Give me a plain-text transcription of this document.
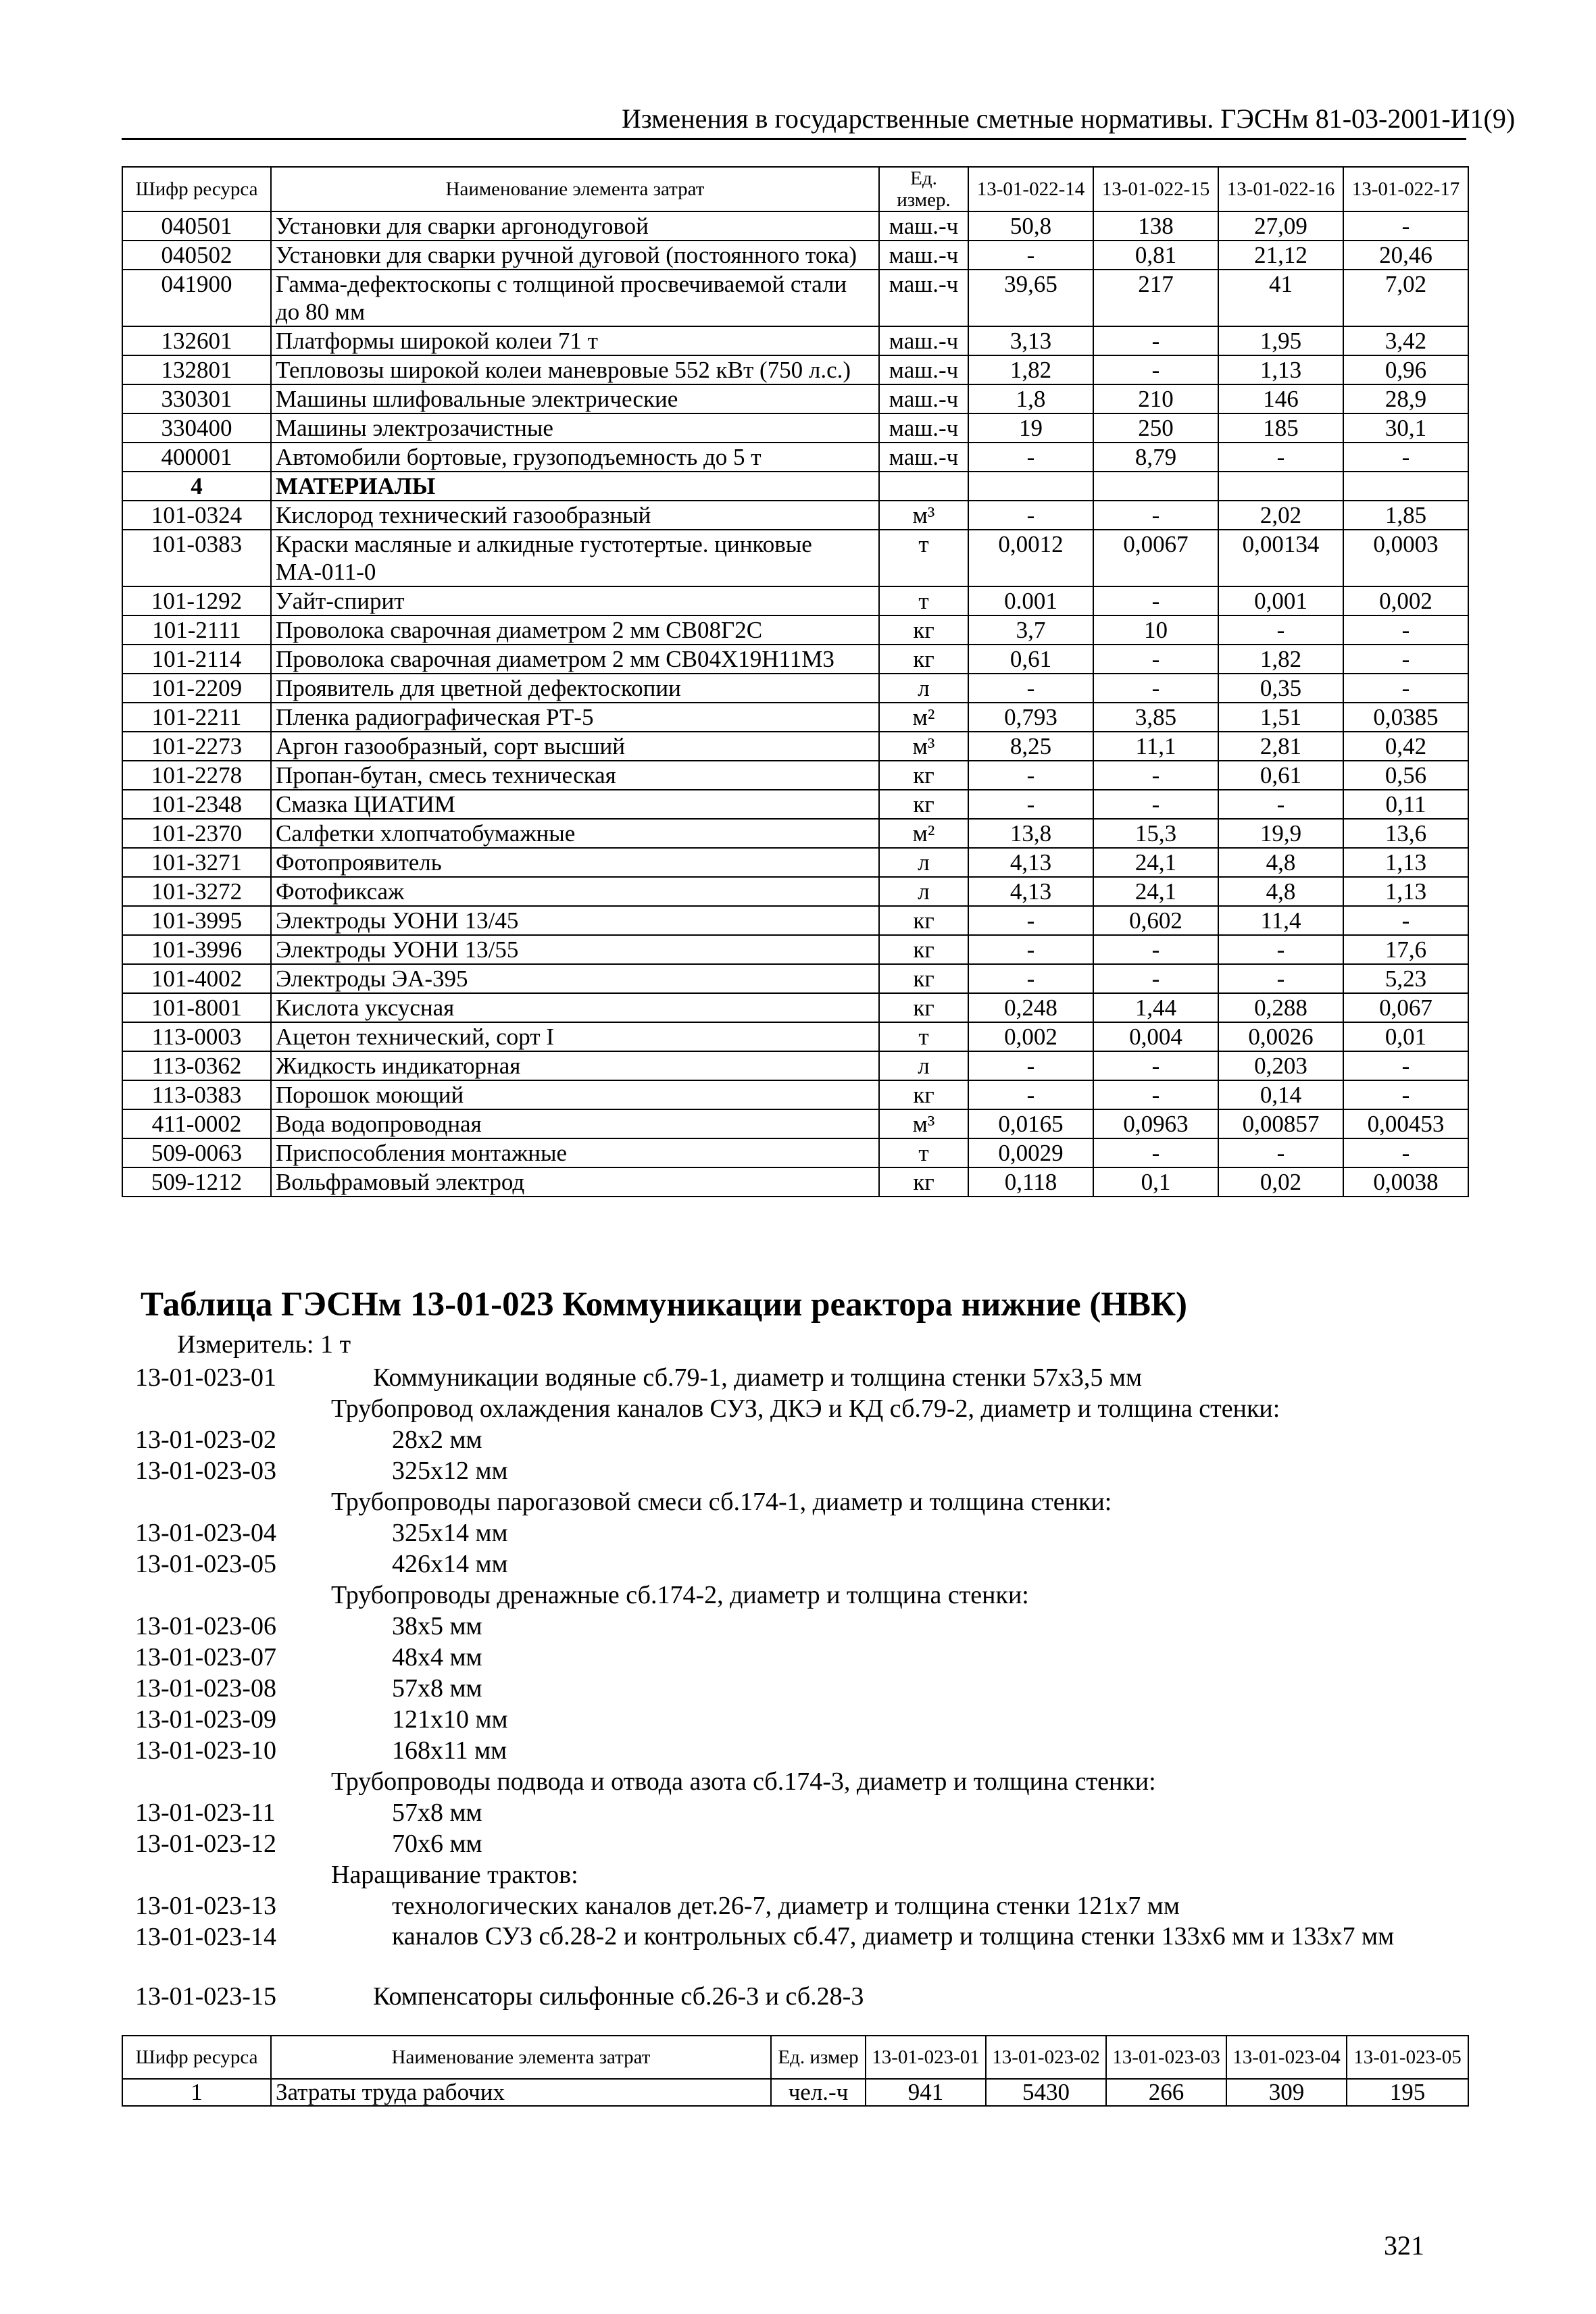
Изменения в государственные сметные нормативы. ГЭСНм 81-03-2001-И1(9)
Шифр ресурса	Наименование элемента затрат	Ед. измер.	13-01-022-14	13-01-022-15	13-01-022-16	13-01-022-17
040501	Установки для сварки аргонодуговой	маш.-ч	50,8	138	27,09	-
040502	Установки для сварки ручной дуговой (постоянного тока)	маш.-ч	-	0,81	21,12	20,46
041900	Гамма-дефектоскопы с толщиной просвечиваемой стали до 80 мм	маш.-ч	39,65	217	41	7,02
132601	Платформы широкой колеи 71 т	маш.-ч	3,13	-	1,95	3,42
132801	Тепловозы широкой колеи маневровые 552 кВт (750 л.с.)	маш.-ч	1,82	-	1,13	0,96
330301	Машины шлифовальные электрические	маш.-ч	1,8	210	146	28,9
330400	Машины электрозачистные	маш.-ч	19	250	185	30,1
400001	Автомобили бортовые, грузоподъемность до 5 т	маш.-ч	-	8,79	-	-
4	МАТЕРИАЛЫ					
101-0324	Кислород технический газообразный	м³	-	-	2,02	1,85
101-0383	Краски масляные и алкидные густотертые. цинковые МА-011-0	т	0,0012	0,0067	0,00134	0,0003
101-1292	Уайт-спирит	т	0.001	-	0,001	0,002
101-2111	Проволока сварочная диаметром 2 мм СВ08Г2С	кг	3,7	10	-	-
101-2114	Проволока сварочная диаметром 2 мм СВ04Х19Н11М3	кг	0,61	-	1,82	-
101-2209	Проявитель для цветной дефектоскопии	л	-	-	0,35	-
101-2211	Пленка радиографическая РТ-5	м²	0,793	3,85	1,51	0,0385
101-2273	Аргон газообразный, сорт высший	м³	8,25	11,1	2,81	0,42
101-2278	Пропан-бутан, смесь техническая	кг	-	-	0,61	0,56
101-2348	Смазка ЦИАТИМ	кг	-	-	-	0,11
101-2370	Салфетки хлопчатобумажные	м²	13,8	15,3	19,9	13,6
101-3271	Фотопроявитель	л	4,13	24,1	4,8	1,13
101-3272	Фотофиксаж	л	4,13	24,1	4,8	1,13
101-3995	Электроды УОНИ 13/45	кг	-	0,602	11,4	-
101-3996	Электроды УОНИ 13/55	кг	-	-	-	17,6
101-4002	Электроды ЭА-395	кг	-	-	-	5,23
101-8001	Кислота уксусная	кг	0,248	1,44	0,288	0,067
113-0003	Ацетон технический, сорт I	т	0,002	0,004	0,0026	0,01
113-0362	Жидкость индикаторная	л	-	-	0,203	-
113-0383	Порошок моющий	кг	-	-	0,14	-
411-0002	Вода водопроводная	м³	0,0165	0,0963	0,00857	0,00453
509-0063	Приспособления монтажные	т	0,0029	-	-	-
509-1212	Вольфрамовый электрод	кг	0,118	0,1	0,02	0,0038
Таблица ГЭСНм 13-01-023 Коммуникации реактора нижние (НВК)
Измеритель: 1 т
13-01-023-01	Коммуникации водяные сб.79-1, диаметр и толщина стенки 57х3,5 мм
Трубопровод охлаждения каналов СУЗ, ДКЭ и КД сб.79-2, диаметр и толщина стенки:
13-01-023-02	28х2 мм
13-01-023-03	325х12 мм
Трубопроводы парогазовой смеси сб.174-1, диаметр и толщина стенки:
13-01-023-04	325х14 мм
13-01-023-05	426х14 мм
Трубопроводы дренажные сб.174-2, диаметр и толщина стенки:
13-01-023-06	38х5 мм
13-01-023-07	48х4 мм
13-01-023-08	57х8 мм
13-01-023-09	121х10 мм
13-01-023-10	168х11 мм
Трубопроводы подвода и отвода азота сб.174-3, диаметр и толщина стенки:
13-01-023-11	57х8 мм
13-01-023-12	70х6 мм
Наращивание трактов:
13-01-023-13	технологических каналов дет.26-7, диаметр и толщина стенки 121х7 мм
13-01-023-14	каналов СУЗ сб.28-2 и контрольных сб.47, диаметр и толщина стенки 133х6 мм и 133х7 мм
13-01-023-15	Компенсаторы сильфонные сб.26-3 и сб.28-3
Шифр ресурса	Наименование элемента затрат	Ед. измер	13-01-023-01	13-01-023-02	13-01-023-03	13-01-023-04	13-01-023-05
1	Затраты труда рабочих	чел.-ч	941	5430	266	309	195
321
